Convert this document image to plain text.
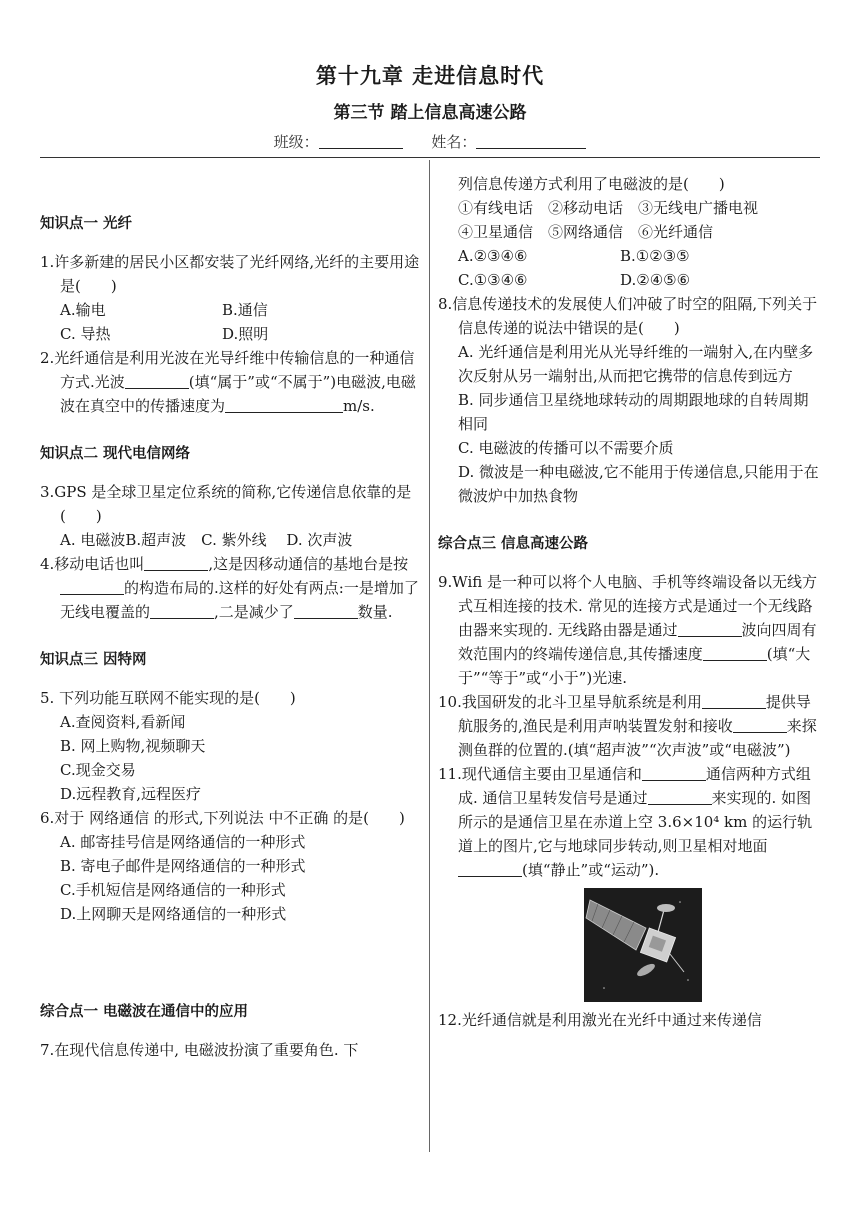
第十九章 走进信息时代
第三节 踏上信息高速公路
班级：	姓名：

知识点一 光纤

1.许多新建的居民小区都安装了光纤网络,光纤的主要用途是(　　)

A.输电	B.通信
C. 导热	D.照明

2.光纤通信是利用光波在光导纤维中传输信息的一种通信方式.光波	(填“属于”或“不属于”)电磁波,电磁波在真空中的传播速度为	m/s.

知识点二 现代电信网络

3.GPS 是全球卫星定位系统的简称,它传递信息依靠的是(　　)

A. 电磁波B.超声波　C. 紫外线　 D. 次声波

4.移动电话也叫	,这是因移动通信的基地台是按的构造布局的.这样的好处有两点:一是增加了无线电覆盖的	,二是减少了	数量.

知识点三 因特网

5. 下列功能互联网不能实现的是(　　)

A.查阅资料,看新闻

B. 网上购物,视频聊天

C.现金交易

D.远程教育,远程医疗

6.对于 网络通信 的形式,下列说法 中不正确 的是(　　)

A. 邮寄挂号信是网络通信的一种形式

B. 寄电子邮件是网络通信的一种形式

C.手机短信是网络通信的一种形式

D.上网聊天是网络通信的一种形式

综合点一 电磁波在通信中的应用

7.在现代信息传递中, 电磁波扮演了重要角色. 下

列信息传递方式利用了电磁波的是(　　)

①有线电话　②移动电话　③无线电广播电视

④卫星通信　⑤网络通信　⑥光纤通信

A.②③④⑥	B.①②③⑤
C.①③④⑥	D.②④⑤⑥

8.信息传递技术的发展使人们冲破了时空的阻隔,下列关于信息传递的说法中错误的是(　　)

A. 光纤通信是利用光从光导纤维的一端射入,在内壁多次反射从另一端射出,从而把它携带的信息传到远方

B. 同步通信卫星绕地球转动的周期跟地球的自转周期相同

C. 电磁波的传播可以不需要介质

D. 微波是一种电磁波,它不能用于传递信息,只能用于在微波炉中加热食物

综合点三 信息高速公路

9.Wifi 是一种可以将个人电脑、手机等终端设备以无线方式互相连接的技术. 常见的连接方式是通过一个无线路由器来实现的. 无线路由器是通过	波向四周有效范围内的终端传递信息,其传播速度	(填“大于”“等于”或“小于”)光速.

10.我国研发的北斗卫星导航系统是利用	提供导航服务的,渔民是利用声呐装置发射和接收	来探测鱼群的位置的.(填“超声波”“次声波”或“电磁波”)

11.现代通信主要由卫星通信和	通信两种方式组成. 通信卫星转发信号是通过	来实现的. 如图所示的是通信卫星在赤道上空 3.6×10⁴ km 的运行轨道上的图片,它与地球同步转动,则卫星相对地面(填“静止”或“运动”).

12.光纤通信就是利用激光在光纤中通过来传递信
